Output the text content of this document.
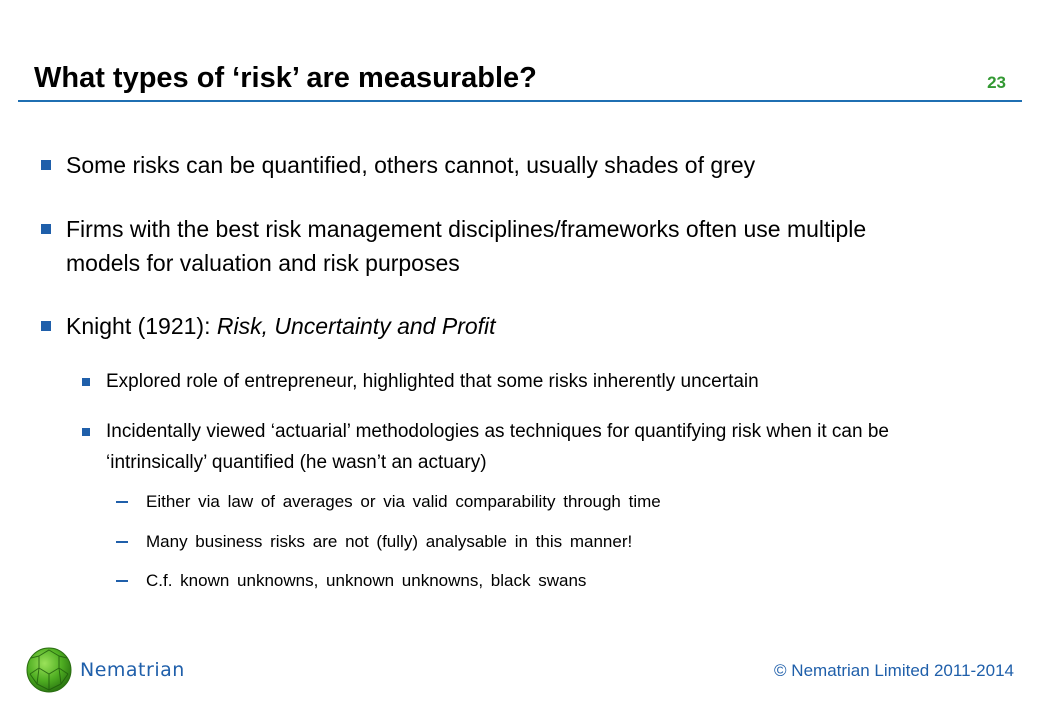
What types of ‘risk’ are measurable?	23
Some risks can be quantified, others cannot, usually shades of grey
Firms with the best risk management disciplines/frameworks often use multiple models for valuation and risk purposes
Knight (1921): Risk, Uncertainty and Profit
Explored role of entrepreneur, highlighted that some risks inherently uncertain
Incidentally viewed ‘actuarial’ methodologies as techniques for quantifying risk when it can be ‘intrinsically’ quantified (he wasn’t an actuary)
Either via law of averages or via valid comparability through time
Many business risks are not (fully) analysable in this manner!
C.f. known unknowns, unknown unknowns, black swans
Nematrian	© Nematrian Limited 2011-2014
